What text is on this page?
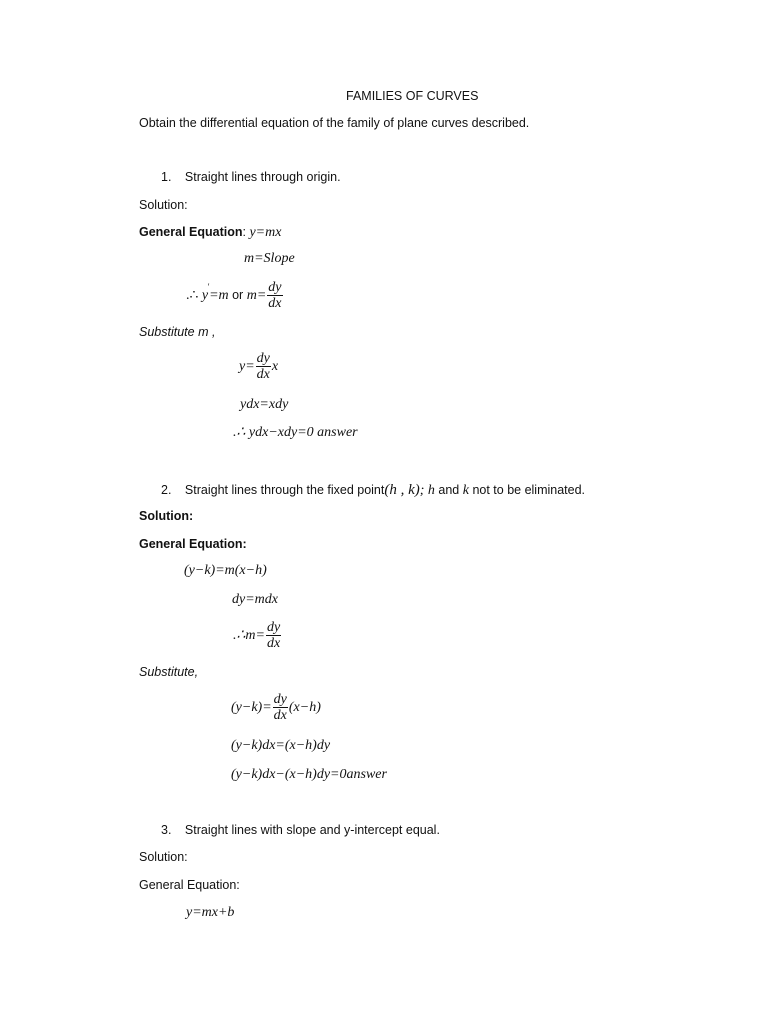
FAMILIES OF CURVES
Obtain the differential equation of the family of plane curves described.
1. Straight lines through origin.
Solution:
General Equation: y=mx
m=Slope
.∴ y'=m or $m= \frac{dy}{dx}$
Substitute m ,
$y= \frac{dy}{dx}$ x
ydx=xdy
.∴ ydx−xdy=0 answer
2. Straight lines through the fixed point(h , k); h and k not to be eliminated.
Solution:
General Equation:
(y−k)=m(x−h)
dy=mdx
.∴m= $\frac{dy}{dx}$
Substitute,
$(y-k)= \frac{dy}{dx} (x-h)$
(y−k)dx=(x−h)dy
(y−k)dx−(x−h)dy=0answer
3. Straight lines with slope and y-intercept equal.
Solution:
General Equation:
y=mx+b
